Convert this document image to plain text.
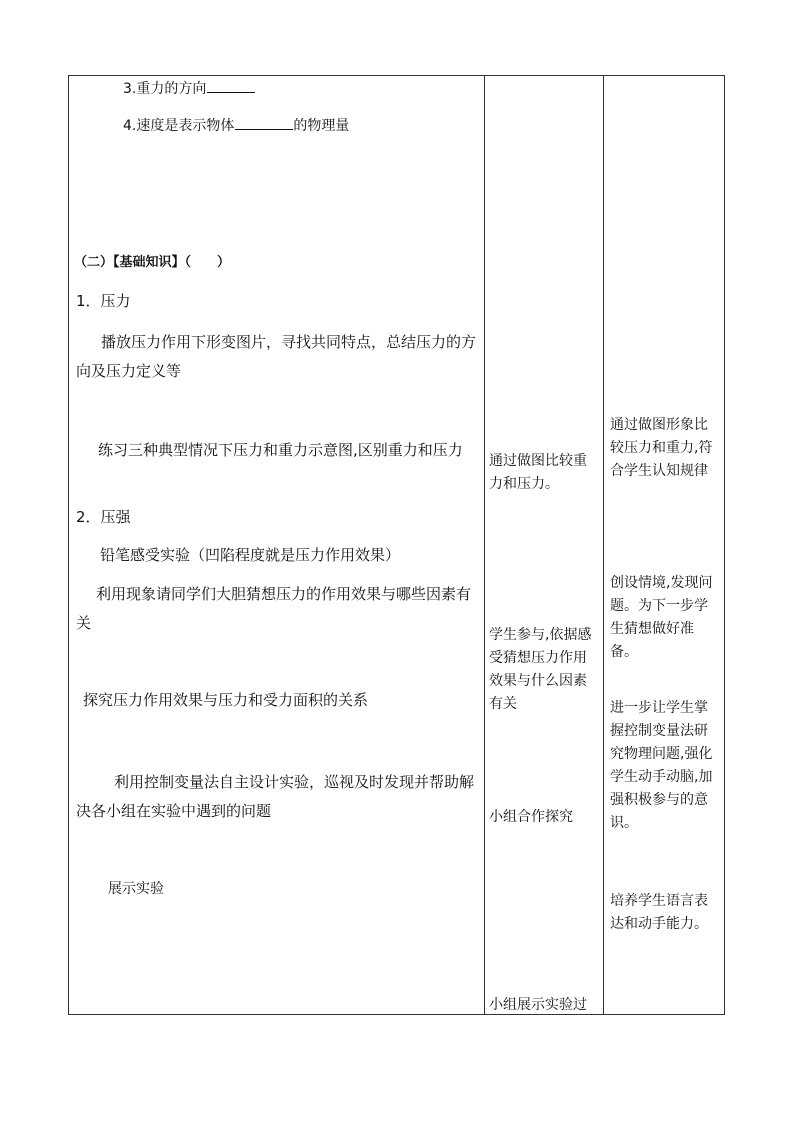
3.重力的方向
4.速度是表示物体	的物理量
（二）【基础知识】（　　）
1．压力
播放压力作用下形变图片，寻找共同特点，总结压力的方向及压力定义等
练习三种典型情况下压力和重力示意图,区别重力和压力
2．压强
铅笔感受实验（凹陷程度就是压力作用效果）
利用现象请同学们大胆猜想压力的作用效果与哪些因素有关
探究压力作用效果与压力和受力面积的关系
利用控制变量法自主设计实验，巡视及时发现并帮助解决各小组在实验中遇到的问题
展示实验
通过做图比较重力和压力。
学生参与,依据感受猜想压力作用效果与什么因素有关
小组合作探究
小组展示实验过
通过做图形象比较压力和重力,符合学生认知规律
创设情境,发现问题。为下一步学生猜想做好准备。
进一步让学生掌握控制变量法研究物理问题,强化学生动手动脑,加强积极参与的意识。
培养学生语言表达和动手能力。
